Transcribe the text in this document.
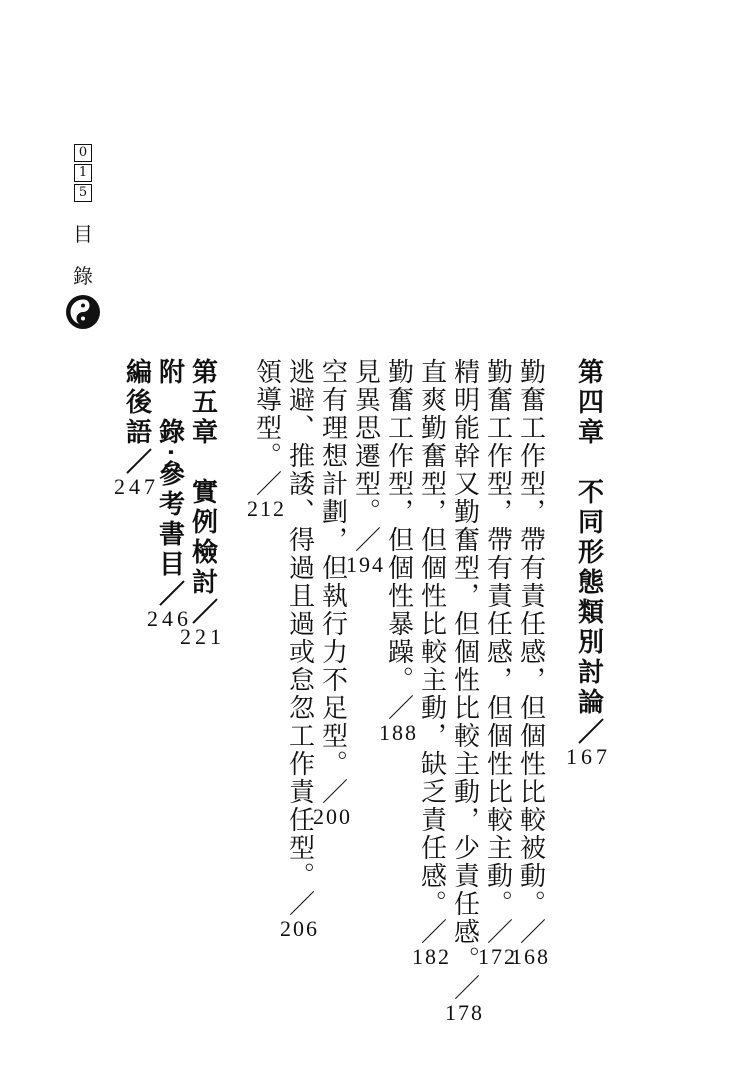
0
1
5
目
錄
第四章　不同形態類別討論／167
勤奮工作型，帶有責任感，但個性比較被動。／168
勤奮工作型，帶有責任感，但個性比較主動。／172
精明能幹又勤奮型，但個性比較主動，少責任感。／178
直爽勤奮型，但個性比較主動，缺乏責任感。／182
勤奮工作型，但個性暴躁。／188
見異思遷型。／194
空有理想計劃，但執行力不足型。／200
逃避、推諉、得過且過或怠忽工作責任型。／206
領導型。／212
第五章　實例檢討／221
附　錄‧參考書目／246
編後語／247
